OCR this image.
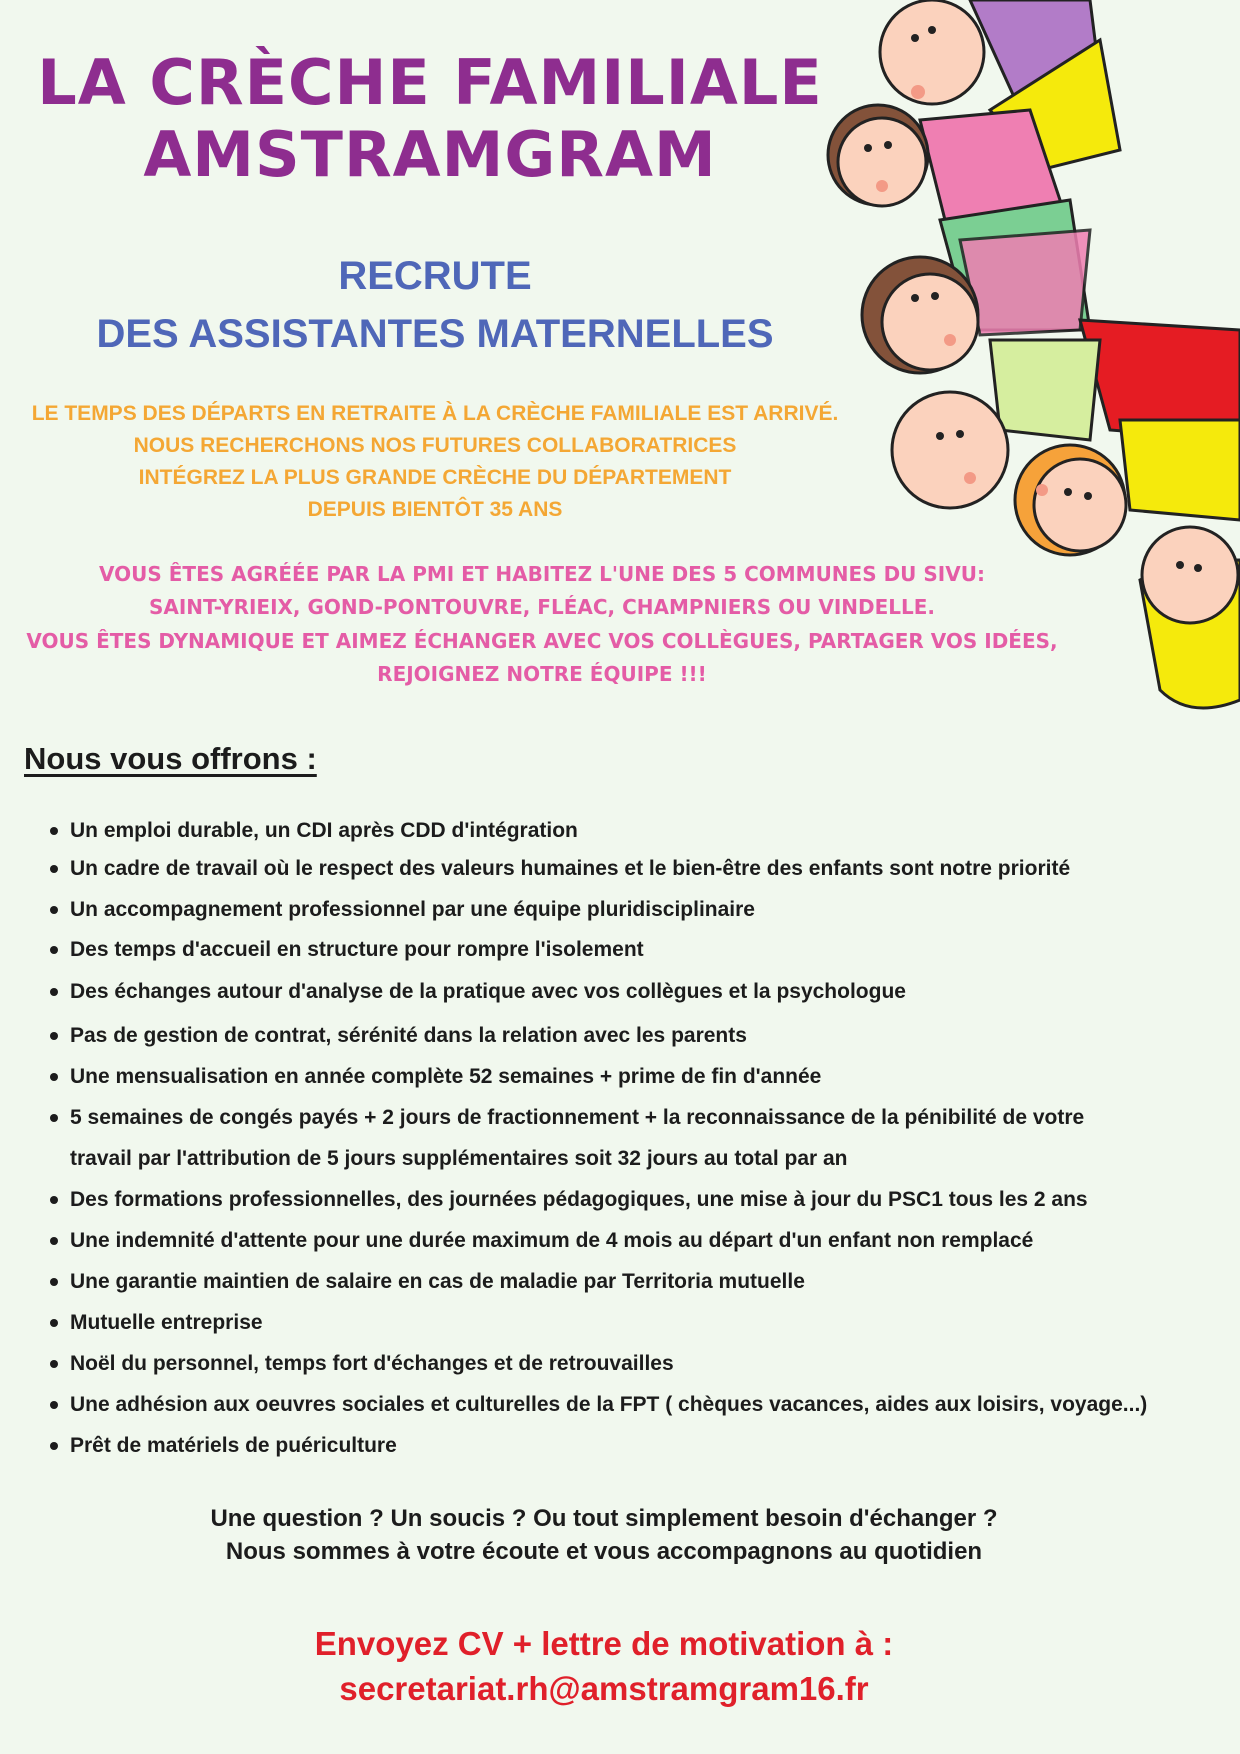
LA CRÈCHE FAMILIALE
AMSTRAMGRAM
RECRUTE
DES ASSISTANTES MATERNELLES
LE TEMPS DES DÉPARTS EN RETRAITE À LA CRÈCHE FAMILIALE EST ARRIVÉ.
NOUS RECHERCHONS NOS FUTURES COLLABORATRICES
INTÉGREZ LA PLUS GRANDE CRÈCHE DU DÉPARTEMENT
DEPUIS BIENTÔT 35 ANS
VOUS ÊTES AGRÉÉE PAR LA PMI ET HABITEZ L'UNE DES 5 COMMUNES DU SIVU:
SAINT-YRIEIX, GOND-PONTOUVRE, FLÉAC, CHAMPNIERS OU VINDELLE.
VOUS ÊTES DYNAMIQUE ET AIMEZ ÉCHANGER AVEC VOS COLLÈGUES, PARTAGER VOS IDÉES,
REJOIGNEZ NOTRE ÉQUIPE !!!
Nous vous offrons :
Un emploi durable, un CDI après CDD d'intégration
Un cadre de travail où le respect des valeurs humaines et le bien-être des enfants sont notre priorité
Un accompagnement professionnel par une équipe pluridisciplinaire
Des temps d'accueil en structure pour rompre l'isolement
Des échanges autour d'analyse de la pratique avec vos collègues et la psychologue
Pas de gestion de contrat, sérénité dans la relation avec les parents
Une mensualisation en année complète 52 semaines + prime de fin d'année
5 semaines de congés payés + 2 jours de fractionnement + la reconnaissance de la pénibilité de votre
travail par l'attribution de 5 jours supplémentaires soit 32 jours au total par an
Des formations professionnelles, des journées pédagogiques, une mise à jour du PSC1 tous les 2 ans
Une indemnité d'attente pour une durée maximum de 4 mois au départ d'un enfant non remplacé
Une garantie maintien de salaire en cas de maladie par Territoria mutuelle
Mutuelle entreprise
Noël du personnel, temps fort d'échanges et de retrouvailles
Une adhésion aux oeuvres sociales et culturelles de la FPT ( chèques vacances, aides aux loisirs, voyage...)
Prêt de matériels de puériculture
Une question ? Un soucis ? Ou tout simplement besoin d'échanger ?
Nous sommes à votre écoute et vous accompagnons au quotidien
Envoyez CV + lettre de motivation à :
secretariat.rh@amstramgram16.fr
